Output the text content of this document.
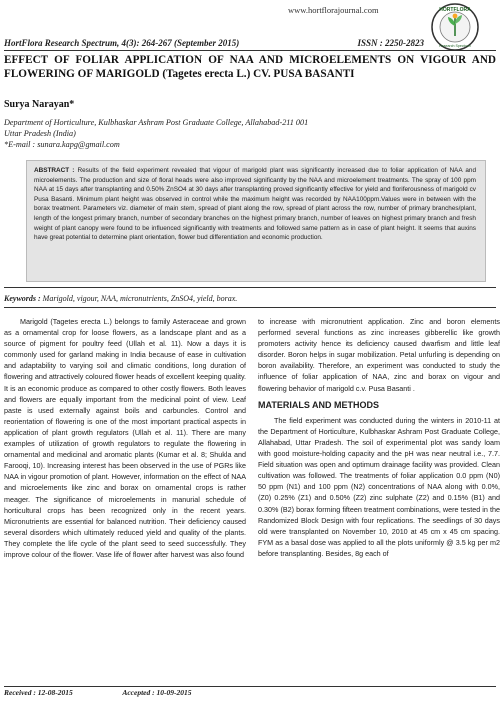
www.hortflorajournal.com	HORTFLORA
Research Spectrum
HortFlora Research Spectrum, 4(3): 264-267 (September 2015)	ISSN : 2250-2823
EFFECT OF FOLIAR APPLICATION OF NAA AND MICROELEMENTS ON VIGOUR AND FLOWERING OF MARIGOLD (Tagetes erecta L.) CV. PUSA BASANTI
Surya Narayan*
Department of Horticulture, Kulbhaskar Ashram Post Graduate College, Allahabad-211 001
Uttar Pradesh (India)
*E-mail : sunara.kapg@gmail.com
ABSTRACT : Results of the field experiment revealed that vigour of marigold plant was significantly increased due to foliar application of NAA and microelements. The production and size of floral heads were also improved significantly by the NAA and microelement treatments. The spray of 100 ppm NAA at 15 days after transplanting and 0.50% ZnSO4 at 30 days after transplanting proved significantly effective for yield and floriferousness of marigold cv Pusa Basanti. Minimum plant height was observed in control while the maximum height was recorded by NAA100ppm.Values were in between with the borax treatment. Parameters viz. diameter of main stem, spread of plant along the row, spread of plant across the row, number of primary branches/plant, length of the longest primary branch, number of secondary branches on the highest primary branch, number of leaves on highest primary branch and fresh weight of plant canopy were found to be influenced significantly with treatments and followed same pattern as in case of plant height. It seems that auxins have great potential to determine plant orientation, flower bud differentiation and economic production.
Keywords : Marigold, vigour, NAA, micronutrients, ZnSO4, yield, borax.

Marigold (Tagetes erecta L.) belongs to family Asteraceae and grown as a ornamental crop for loose flowers, as a landscape plant and as a source of pigment for poultry feed (Ullah et al. 11). Now a days it is commonly used for garland making in India because of ease in cultivation and adaptability to varying soil and climatic conditions, long duration of flowering and attractively coloured flower heads of excellent keeping quality. It is an economic produce as compared to other costly flowers. Both leaves and flowers are equally important from the medicinal point of view. Leaf paste is used externally against boils and carbuncles. Control and reorientation of flowering is one of the most important practical aspects in application of plant growth regulators (Ullah et al. 11). There are many examples of utilization of growth regulators to regulate the flowering in ornamental and medicinal and aromatic plants (Kumar et al. 8; Shukla and Farooqi, 10). Increasing interest has been observed in the use of PGRs like NAA in vigour promotion of plant. However, information on the effect of NAA and microelements like zinc and borax on ornamental crops is rather meager. The significance of microelements in manurial schedule of horticultural crops has been recognized only in the recent years. Micronutrients are essential for balanced nutrition. Their deficiency caused several disorders which ultimately reduced yield and quality of the plants. They complete the life cycle of the plant seed to seed successfully. They improve colour of the flower. Vase life of flower after harvest was also found

to increase with micronutrient application. Zinc and boron elements performed several functions as zinc increases gibberellic like growth promoters activity hence its deficiency caused dwarfism and little leaf disorder. Boron helps in sugar mobilization. Petal unfurling is depending on boron availability. Therefore, an experiment was conducted to study the influence of foliar application of NAA, zinc and borax on vigour and flowering behavior of marigold c.v. Pusa Basanti .

MATERIALS AND METHODS

The field experiment was conducted during the winters in 2010-11 at the Department of Horticulture, Kulbhaskar Ashram Post Graduate College, Allahabad, Uttar Pradesh. The soil of experimental plot was sandy loam with good moisture-holding capacity and the pH was near neutral i.e., 7.7. Field situation was open and optimum drainage facility was provided. Clean cultivation was followed. The treatments of foliar application 0.0 ppm (N0) 50 ppm (N1) and 100 ppm (N2) concentrations of NAA along with 0.0%, (Z0) 0.25% (Z1) and 0.50% (Z2) zinc sulphate (Z2) and 0.15% (B1) and 0.30% (B2) borax forming fifteen treatment combinations, were tested in the Randomized Block Design with four replications. The seedlings of 30 days old were transplanted on November 10, 2010 at 45 cm x 45 cm spacing. FYM as a basal dose was applied to all the plots uniformly @ 3.5 kg per m2 before transplanting. Besides, 8g each of

Received : 12-08-2015	Accepted : 10-09-2015
